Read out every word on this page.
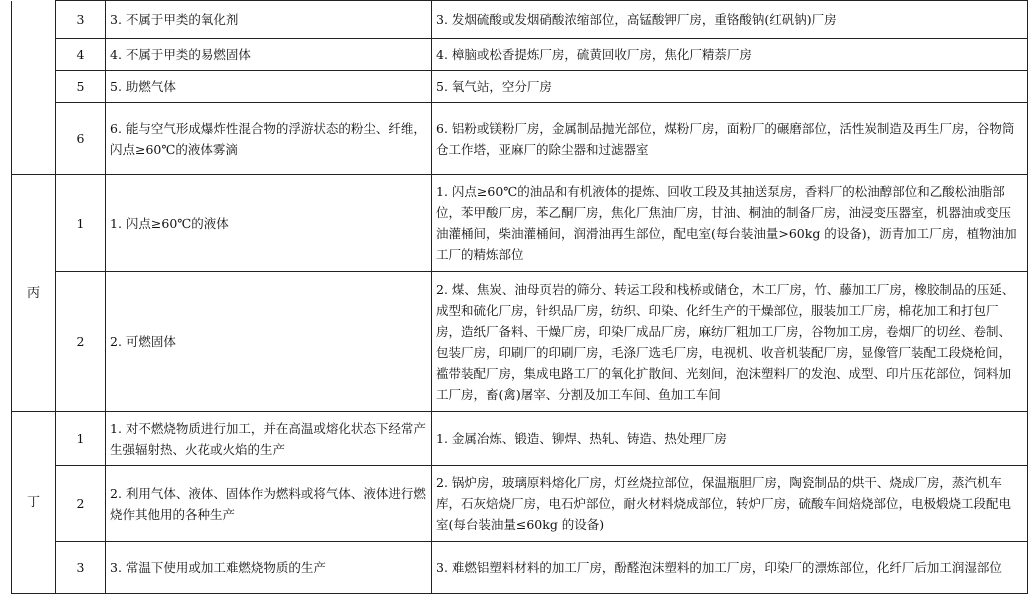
	3	3. 不属于甲类的氧化剂	3. 发烟硫酸或发烟硝酸浓缩部位，高锰酸钾厂房，重铬酸钠(红矾钠)厂房
	4	4. 不属于甲类的易燃固体	4. 樟脑或松香提炼厂房，硫黄回收厂房，焦化厂精萘厂房
	5	5. 助燃气体	5. 氧气站，空分厂房
	6	6. 能与空气形成爆炸性混合物的浮游状态的粉尘、纤维，闪点≥60℃的液体雾滴	6. 铝粉或镁粉厂房，金属制品抛光部位，煤粉厂房，面粉厂的碾磨部位，活性炭制造及再生厂房，谷物筒仓工作塔，亚麻厂的除尘器和过滤器室
丙	1	1. 闪点≥60℃的液体	1. 闪点≥60℃的油品和有机液体的提炼、回收工段及其抽送泵房，香料厂的松油醇部位和乙酸松油脂部位，苯甲酸厂房，苯乙酮厂房，焦化厂焦油厂房，甘油、桐油的制备厂房，油浸变压器室，机器油或变压油灌桶间，柴油灌桶间，润滑油再生部位，配电室(每台装油量>60kg 的设备)，沥青加工厂房，植物油加工厂的精炼部位
	2	2. 可燃固体	2. 煤、焦炭、油母页岩的筛分、转运工段和栈桥或储仓，木工厂房，竹、藤加工厂房，橡胶制品的压延、成型和硫化厂房，针织品厂房，纺织、印染、化纤生产的干燥部位，服装加工厂房，棉花加工和打包厂房，造纸厂备料、干燥厂房，印染厂成品厂房，麻纺厂粗加工厂房，谷物加工房，卷烟厂的切丝、卷制、包装厂房，印刷厂的印刷厂房，毛涤厂选毛厂房，电视机、收音机装配厂房，显像管厂装配工段烧枪间，褴带装配厂房，集成电路工厂的氧化扩散间、光刻间，泡沫塑料厂的发泡、成型、印片压花部位，饲料加工厂房，畜(禽)屠宰、分割及加工车间、鱼加工车间
丁	1	1. 对不燃烧物质进行加工，并在高温或熔化状态下经常产生强辐射热、火花或火焰的生产	1. 金属冶炼、锻造、铆焊、热轧、铸造、热处理厂房
	2	2. 利用气体、液体、固体作为燃料或将气体、液体进行燃烧作其他用的各种生产	2. 锅炉房，玻璃原料熔化厂房，灯丝烧拉部位，保温瓶胆厂房，陶瓷制品的烘干、烧成厂房，蒸汽机车库，石灰焙烧厂房，电石炉部位，耐火材料烧成部位，转炉厂房，硫酸车间焙烧部位，电极煅烧工段配电室(每台装油量≤60kg 的设备)
	3	3. 常温下使用或加工难燃烧物质的生产	3. 难燃铝塑料材料的加工厂房，酚醛泡沫塑料的加工厂房，印染厂的漂炼部位，化纤厂后加工润湿部位
